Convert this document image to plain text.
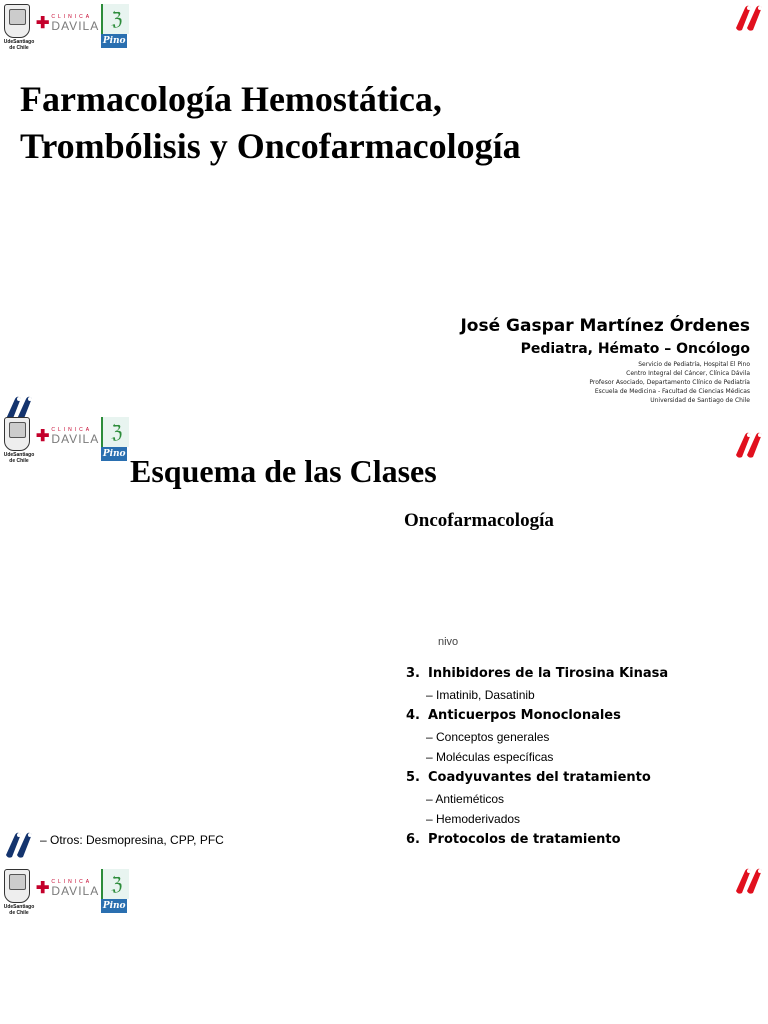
UdeSantiago de Chile
✚ CLINICA
DAVILA ℨ
Pino
Farmacología Hemostática,
Trombólisis y Oncofarmacología
José Gaspar Martínez Órdenes
Pediatra, Hémato – Oncólogo
Servicio de Pediatría, Hospital El Pino
Centro Integral del Cáncer, Clínica Dávila
Profesor Asociado, Departamento Clínico de Pediatría
Escuela de Medicina - Facultad de Ciencias Médicas
Universidad de Santiago de Chile
UdeSantiago de Chile
✚ CLINICA
DAVILA ℨ
Pino Esquema de las Clases
Oncofarmacología
nivo
3. Inhibidores de la Tirosina Kinasa
– Imatinib, Dasatinib
4. Anticuerpos Monoclonales
– Conceptos generales
– Moléculas específicas
5. Coadyuvantes del tratamiento
– Antieméticos
– Hemoderivados
6. Protocolos de tratamiento
– Otros: Desmopresina, CPP, PFC
UdeSantiago de Chile
✚ CLINICA
DAVILA ℨ
Pino
